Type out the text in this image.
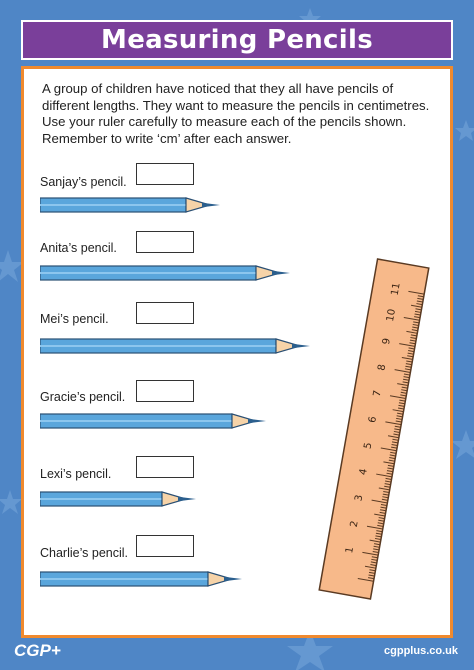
Measuring Pencils

A group of children have noticed that they all have pencils of different lengths. They want to measure the pencils in centimetres. Use your ruler carefully to measure each of the pencils shown. Remember to write ‘cm’ after each answer.

Sanjay’s pencil.
Anita’s pencil.
Mei’s pencil.
Gracie’s pencil.
Lexi’s pencil.
Charlie’s pencil.	1
2
3
4
5
6
7
8
9
10
11
CGP+	cgpplus.co.uk
